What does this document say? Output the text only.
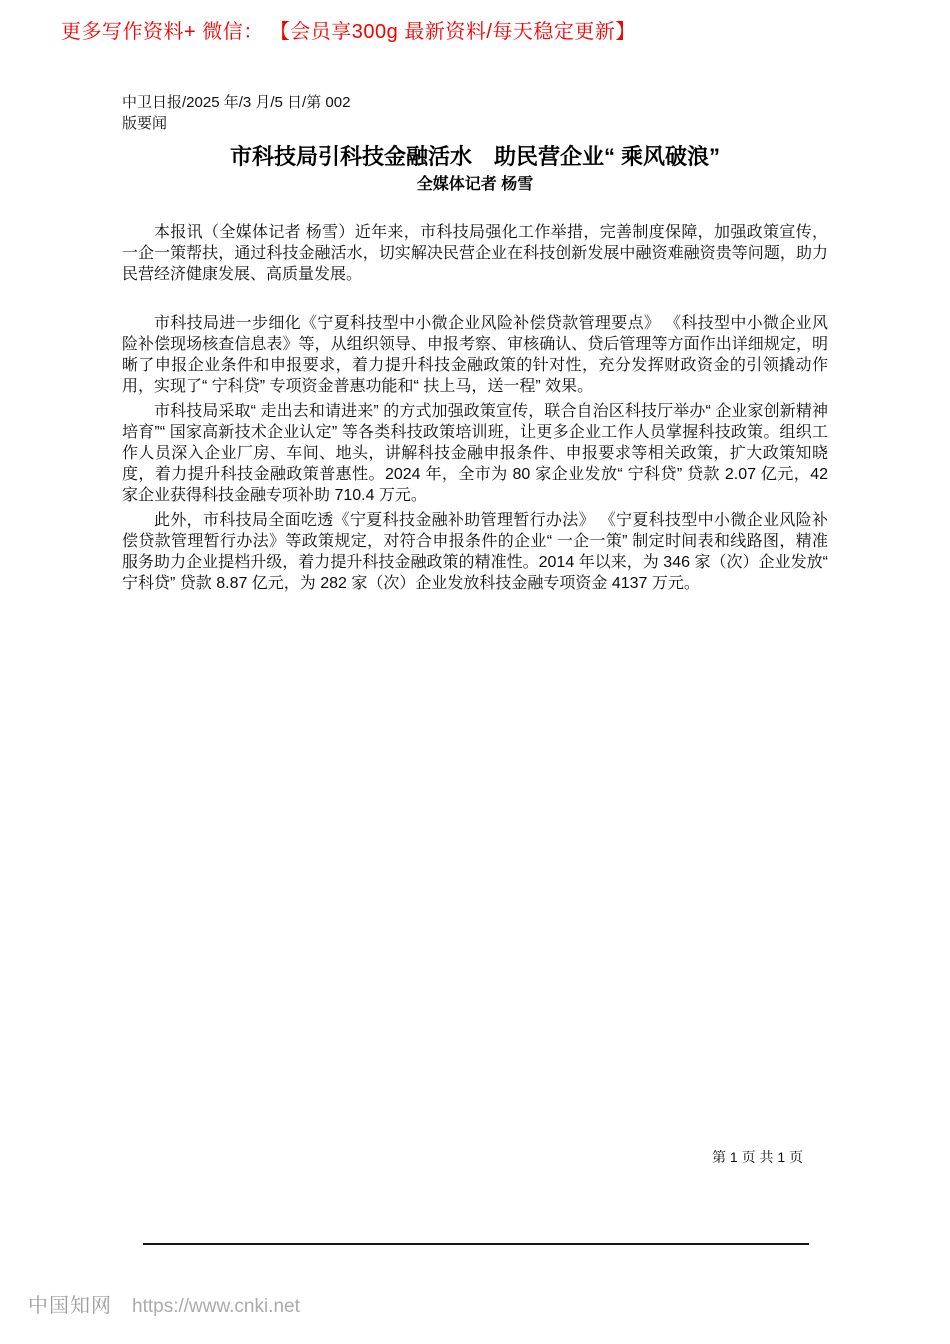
更多写作资料+ 微信： 【会员享300g 最新资料/每天稳定更新】
中卫日报/2025 年/3 月/5 日/第 002
版要闻
市科技局引科技金融活水　助民营企业“ 乘风破浪”
全媒体记者 杨雪

本报讯（全媒体记者 杨雪）近年来，市科技局强化工作举措，完善制度保障，加强政策宣传，一企一策帮扶，通过科技金融活水，切实解决民营企业在科技创新发展中融资难融资贵等问题，助力民营经济健康发展、高质量发展。

市科技局进一步细化《宁夏科技型中小微企业风险补偿贷款管理要点》 《科技型中小微企业风险补偿现场核查信息表》等，从组织领导、申报考察、审核确认、贷后管理等方面作出详细规定，明晰了申报企业条件和申报要求，着力提升科技金融政策的针对性，充分发挥财政资金的引领撬动作用，实现了“ 宁科贷” 专项资金普惠功能和“ 扶上马，送一程” 效果。

市科技局采取“ 走出去和请进来” 的方式加强政策宣传，联合自治区科技厅举办“ 企业家创新精神培育”“ 国家高新技术企业认定” 等各类科技政策培训班，让更多企业工作人员掌握科技政策。组织工作人员深入企业厂房、车间、地头，讲解科技金融申报条件、申报要求等相关政策，扩大政策知晓度，着力提升科技金融政策普惠性。2024 年，全市为 80 家企业发放“ 宁科贷” 贷款 2.07 亿元，42 家企业获得科技金融专项补助 710.4 万元。

此外，市科技局全面吃透《宁夏科技金融补助管理暂行办法》 《宁夏科技型中小微企业风险补偿贷款管理暂行办法》等政策规定，对符合申报条件的企业“ 一企一策” 制定时间表和线路图，精准服务助力企业提档升级，着力提升科技金融政策的精准性。2014 年以来，为 346 家（次）企业发放“ 宁科贷” 贷款 8.87 亿元，为 282 家（次）企业发放科技金融专项资金 4137 万元。

第 1 页 共 1 页
中国知网 https://www.cnki.net
